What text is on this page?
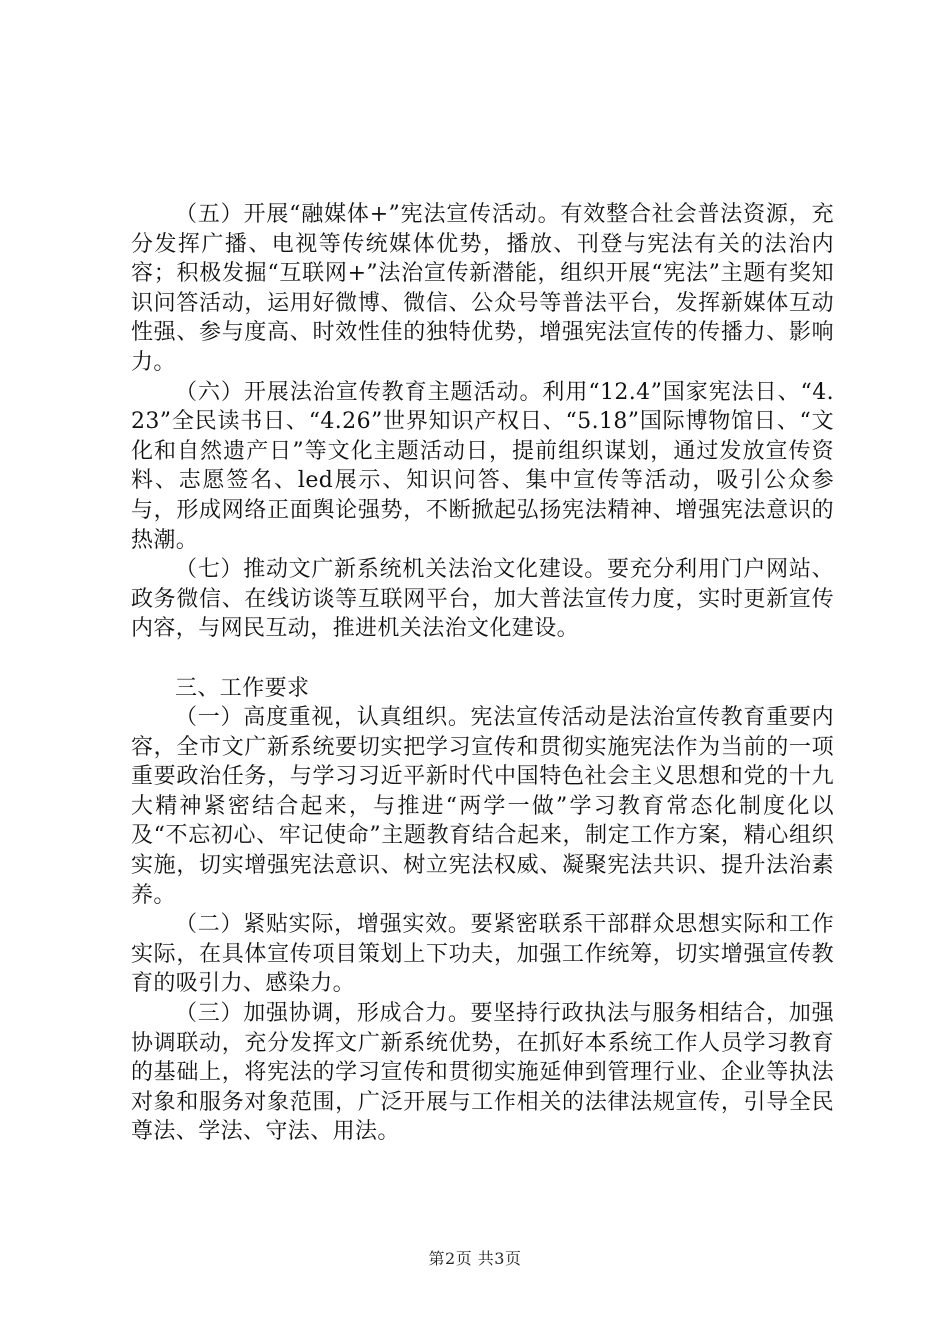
（五）开展“融媒体+”宪法宣传活动。有效整合社会普法资源，充分发挥广播、电视等传统媒体优势，播放、刊登与宪法有关的法治内容；积极发掘“互联网+”法治宣传新潜能，组织开展“宪法”主题有奖知识问答活动，运用好微博、微信、公众号等普法平台，发挥新媒体互动性强、参与度高、时效性佳的独特优势，增强宪法宣传的传播力、影响力。

（六）开展法治宣传教育主题活动。利用“12.4”国家宪法日、“4.23”全民读书日、“4.26”世界知识产权日、“5.18”国际博物馆日、“文化和自然遗产日”等文化主题活动日，提前组织谋划，通过发放宣传资料、志愿签名、led展示、知识问答、集中宣传等活动，吸引公众参与，形成网络正面舆论强势，不断掀起弘扬宪法精神、增强宪法意识的热潮。

（七）推动文广新系统机关法治文化建设。要充分利用门户网站、政务微信、在线访谈等互联网平台，加大普法宣传力度，实时更新宣传内容，与网民互动，推进机关法治文化建设。

三、工作要求

（一）高度重视，认真组织。宪法宣传活动是法治宣传教育重要内容，全市文广新系统要切实把学习宣传和贯彻实施宪法作为当前的一项重要政治任务，与学习习近平新时代中国特色社会主义思想和党的十九大精神紧密结合起来，与推进“两学一做”学习教育常态化制度化以及“不忘初心、牢记使命”主题教育结合起来，制定工作方案，精心组织实施，切实增强宪法意识、树立宪法权威、凝聚宪法共识、提升法治素养。

（二）紧贴实际，增强实效。要紧密联系干部群众思想实际和工作实际，在具体宣传项目策划上下功夫，加强工作统筹，切实增强宣传教育的吸引力、感染力。

（三）加强协调，形成合力。要坚持行政执法与服务相结合，加强协调联动，充分发挥文广新系统优势，在抓好本系统工作人员学习教育的基础上，将宪法的学习宣传和贯彻实施延伸到管理行业、企业等执法对象和服务对象范围，广泛开展与工作相关的法律法规宣传，引导全民尊法、学法、守法、用法。

第2页 共3页
